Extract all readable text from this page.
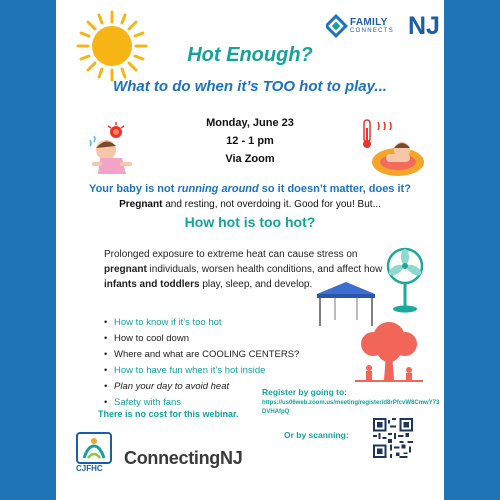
FAMILY
CONNECTS NJ
Hot Enough?
What to do when it’s TOO hot to play...
Monday, June 23
12 - 1 pm
Via Zoom
Your baby is not running around so it doesn’t matter, does it?
Pregnant and resting, not overdoing it. Good for you! But...
How hot is too hot?
Prolonged exposure to extreme heat can cause stress on pregnant individuals, worsen health conditions, and affect how infants and toddlers play, sleep, and develop.
• How to know if it’s too hot
• How to cool down
• Where and what are COOLING CENTERS?
• How to have fun when it’s hot inside
• Plan your day to avoid heat
• Safety with fans
Register by going to:
https://us06web.zoom.us/meeting/register/d8rPfcvW8CmwY73DVHAfpQ
There is no cost for this webinar.
Or by scanning:
CJFHC
ConnectingNJ
